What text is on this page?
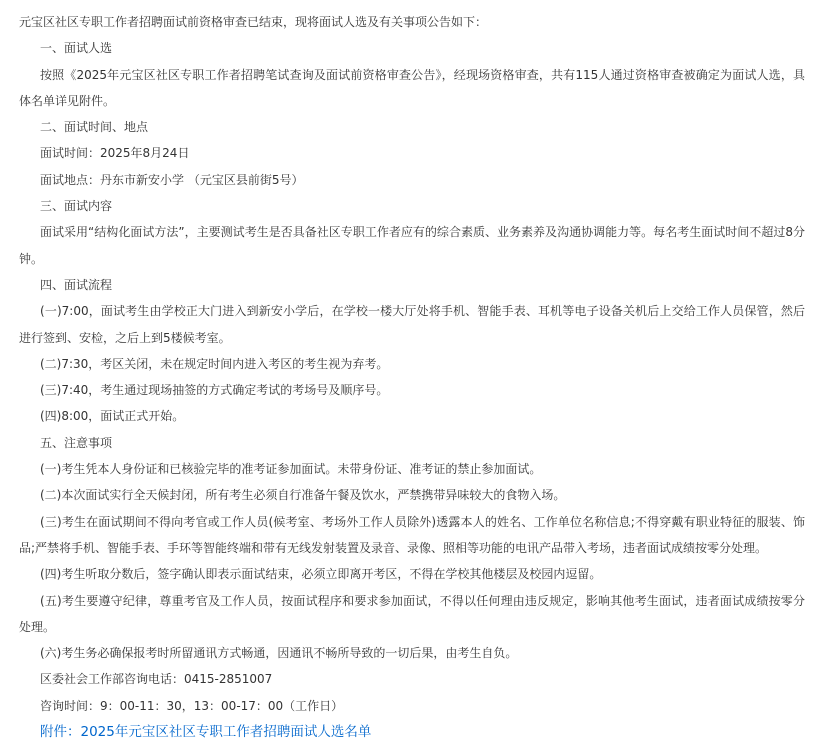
元宝区社区专职工作者招聘面试前资格审查已结束，现将面试人选及有关事项公告如下：

一、面试人选

按照《2025年元宝区社区专职工作者招聘笔试查询及面试前资格审查公告》，经现场资格审查，共有115人通过资格审查被确定为面试人选，具体名单详见附件。

二、面试时间、地点

面试时间：2025年8月24日

面试地点：丹东市新安小学 （元宝区县前街5号）

三、面试内容

面试采用“结构化面试方法”，主要测试考生是否具备社区专职工作者应有的综合素质、业务素养及沟通协调能力等。每名考生面试时间不超过8分钟。

四、面试流程

(一)7:00，面试考生由学校正大门进入到新安小学后，在学校一楼大厅处将手机、智能手表、耳机等电子设备关机后上交给工作人员保管，然后进行签到、安检，之后上到5楼候考室。

(二)7:30，考区关闭，未在规定时间内进入考区的考生视为弃考。

(三)7:40，考生通过现场抽签的方式确定考试的考场号及顺序号。

(四)8:00，面试正式开始。

五、注意事项

(一)考生凭本人身份证和已核验完毕的准考证参加面试。未带身份证、准考证的禁止参加面试。

(二)本次面试实行全天候封闭，所有考生必须自行准备午餐及饮水，严禁携带异味较大的食物入场。

(三)考生在面试期间不得向考官或工作人员(候考室、考场外工作人员除外)透露本人的姓名、工作单位名称信息;不得穿戴有职业特征的服装、饰品;严禁将手机、智能手表、手环等智能终端和带有无线发射装置及录音、录像、照相等功能的电讯产品带入考场，违者面试成绩按零分处理。

(四)考生听取分数后，签字确认即表示面试结束，必须立即离开考区，不得在学校其他楼层及校园内逗留。

(五)考生要遵守纪律，尊重考官及工作人员，按面试程序和要求参加面试，不得以任何理由违反规定，影响其他考生面试，违者面试成绩按零分处理。

(六)考生务必确保报考时所留通讯方式畅通，因通讯不畅所导致的一切后果，由考生自负。

区委社会工作部咨询电话：0415-2851007

咨询时间：9：00-11：30，13：00-17：00（工作日）

附件：2025年元宝区社区专职工作者招聘面试人选名单
